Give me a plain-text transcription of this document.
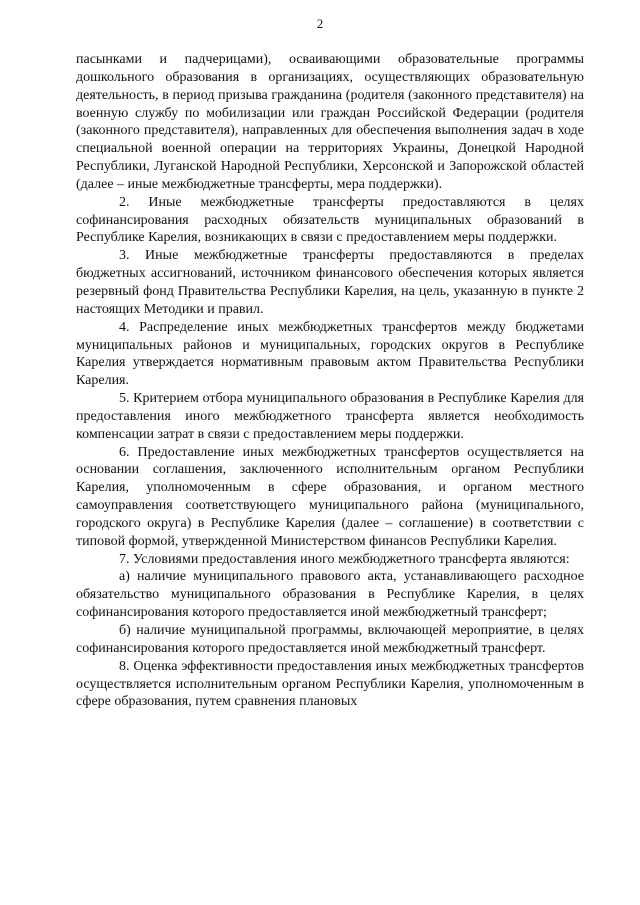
2

пасынками и падчерицами), осваивающими образовательные программы дошкольного образования в организациях, осуществляющих образовательную деятельность, в период призыва гражданина (родителя (законного представителя) на военную службу по мобилизации или граждан Российской Федерации (родителя (законного представителя), направленных для обеспечения выполнения задач в ходе специальной военной операции на территориях Украины, Донецкой Народной Республики, Луганской Народной Республики, Херсонской и Запорожской областей (далее – иные межбюджетные трансферты, мера поддержки).

2. Иные межбюджетные трансферты предоставляются в целях софинансирования расходных обязательств муниципальных образований в Республике Карелия, возникающих в связи с предоставлением меры поддержки.

3. Иные межбюджетные трансферты предоставляются в пределах бюджетных ассигнований, источником финансового обеспечения которых является резервный фонд Правительства Республики Карелия, на цель, указанную в пункте 2 настоящих Методики и правил.

4. Распределение иных межбюджетных трансфертов между бюджетами муниципальных районов и муниципальных, городских округов в Республике Карелия утверждается нормативным правовым актом Правительства Республики Карелия.

5. Критерием отбора муниципального образования в Республике Карелия для предоставления иного межбюджетного трансферта является необходимость компенсации затрат в связи с предоставлением меры поддержки.

6. Предоставление иных межбюджетных трансфертов осуществляется на основании соглашения, заключенного исполнительным органом Республики Карелия, уполномоченным в сфере образования, и органом местного самоуправления соответствующего муниципального района (муниципального, городского округа) в Республике Карелия (далее – соглашение) в соответствии с типовой формой, утвержденной Министерством финансов Республики Карелия.

7. Условиями предоставления иного межбюджетного трансферта являются:

а) наличие муниципального правового акта, устанавливающего расходное обязательство муниципального образования в Республике Карелия, в целях софинансирования которого предоставляется иной межбюджетный трансферт;

б) наличие муниципальной программы, включающей мероприятие, в целях софинансирования которого предоставляется иной межбюджетный трансферт.

8. Оценка эффективности предоставления иных межбюджетных трансфертов осуществляется исполнительным органом Республики Карелия, уполномоченным в сфере образования, путем сравнения плановых
